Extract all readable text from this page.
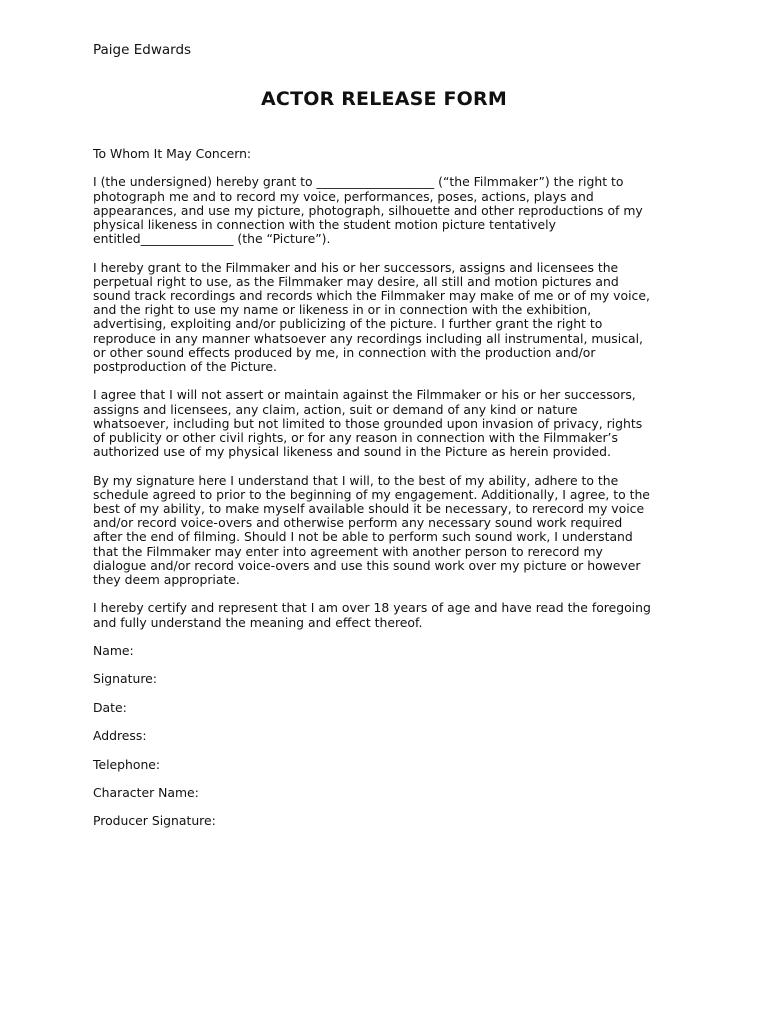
Paige Edwards
ACTOR RELEASE FORM
To Whom It May Concern:
I (the undersigned) hereby grant to ___________________ (“the Filmmaker”) the right to
photograph me and to record my voice, performances, poses, actions, plays and
appearances, and use my picture, photograph, silhouette and other reproductions of my
physical likeness in connection with the student motion picture tentatively
entitled_______________ (the “Picture”).
I hereby grant to the Filmmaker and his or her successors, assigns and licensees the
perpetual right to use, as the Filmmaker may desire, all still and motion pictures and
sound track recordings and records which the Filmmaker may make of me or of my voice,
and the right to use my name or likeness in or in connection with the exhibition,
advertising, exploiting and/or publicizing of the picture. I further grant the right to
reproduce in any manner whatsoever any recordings including all instrumental, musical,
or other sound effects produced by me, in connection with the production and/or
postproduction of the Picture.
I agree that I will not assert or maintain against the Filmmaker or his or her successors,
assigns and licensees, any claim, action, suit or demand of any kind or nature
whatsoever, including but not limited to those grounded upon invasion of privacy, rights
of publicity or other civil rights, or for any reason in connection with the Filmmaker’s
authorized use of my physical likeness and sound in the Picture as herein provided.
By my signature here I understand that I will, to the best of my ability, adhere to the
schedule agreed to prior to the beginning of my engagement. Additionally, I agree, to the
best of my ability, to make myself available should it be necessary, to rerecord my voice
and/or record voice-overs and otherwise perform any necessary sound work required
after the end of filming. Should I not be able to perform such sound work, I understand
that the Filmmaker may enter into agreement with another person to rerecord my
dialogue and/or record voice-overs and use this sound work over my picture or however
they deem appropriate.
I hereby certify and represent that I am over 18 years of age and have read the foregoing
and fully understand the meaning and effect thereof.
Name:
Signature:
Date:
Address:
Telephone:
Character Name:
Producer Signature:
